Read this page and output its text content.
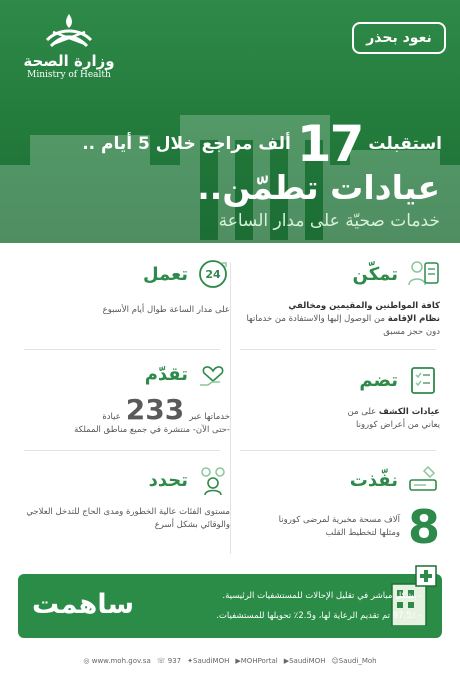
وزارة الصحة
Ministry of Health
نعود بحذر
استقبلت
17
ألف مراجع خلال 5 أيام ..
عيادات تطمّن..
خدمات صحيّة على مدار الساعة
تمكّن
كافة المواطنين والمقيمين ومخالفي
نظام الإقامة من الوصول إليها والاستفادة من خدماتها دون حجز مسبق
24
تعمل
على مدار الساعة طوال أيام الأسبوع
تضم
عيادات الكشف على من
يعاني من أعراض كورونا
تقدّم
خدماتها عبر
233
عيادة
-حتى الآن- منتشرة في جميع مناطق المملكة
نفّذت
8
آلاف مسحة مخبرية لمرضى كورونا
ومثلها لتخطيط القلب
تحدد
مستوى الفئات عالية الخطورة ومدى الحاج للتدخل العلاجي والوقائي بشكل أسرع
- بشكل مباشر في تقليل الإحالات للمستشفيات الرئيسية.
- 97.5٪ تم تقديم الرعاية لها، و2.5٪ تحويلها للمستشفيات.
ساهمت
◎ www.moh.gov.sa ☏ 937 ✦SaudiMOH ▶MOHPortal ▶SaudiMOH ☺Saudi_Moh
